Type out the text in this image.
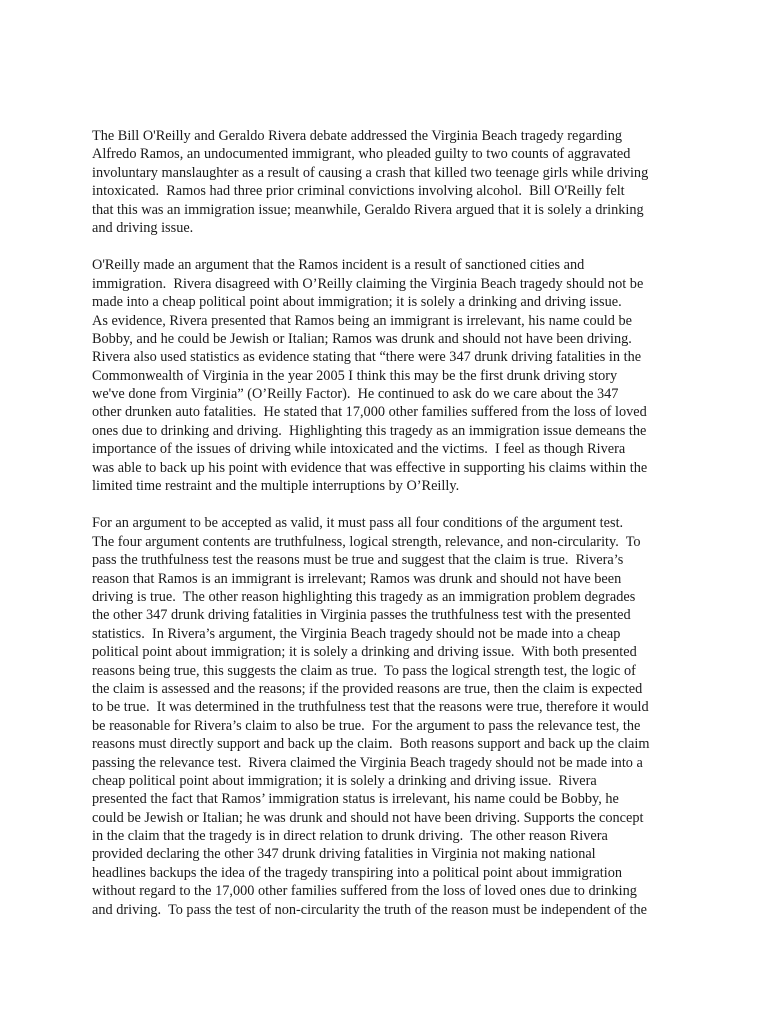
The Bill O'Reilly and Geraldo Rivera debate addressed the Virginia Beach tragedy regarding
Alfredo Ramos, an undocumented immigrant, who pleaded guilty to two counts of aggravated
involuntary manslaughter as a result of causing a crash that killed two teenage girls while driving
intoxicated.  Ramos had three prior criminal convictions involving alcohol.  Bill O'Reilly felt
that this was an immigration issue; meanwhile, Geraldo Rivera argued that it is solely a drinking
and driving issue.
O'Reilly made an argument that the Ramos incident is a result of sanctioned cities and
immigration.  Rivera disagreed with O’Reilly claiming the Virginia Beach tragedy should not be
made into a cheap political point about immigration; it is solely a drinking and driving issue.
As evidence, Rivera presented that Ramos being an immigrant is irrelevant, his name could be
Bobby, and he could be Jewish or Italian; Ramos was drunk and should not have been driving.
Rivera also used statistics as evidence stating that “there were 347 drunk driving fatalities in the
Commonwealth of Virginia in the year 2005 I think this may be the first drunk driving story
we've done from Virginia” (O’Reilly Factor).  He continued to ask do we care about the 347
other drunken auto fatalities.  He stated that 17,000 other families suffered from the loss of loved
ones due to drinking and driving.  Highlighting this tragedy as an immigration issue demeans the
importance of the issues of driving while intoxicated and the victims.  I feel as though Rivera
was able to back up his point with evidence that was effective in supporting his claims within the
limited time restraint and the multiple interruptions by O’Reilly.
For an argument to be accepted as valid, it must pass all four conditions of the argument test.
The four argument contents are truthfulness, logical strength, relevance, and non-circularity.  To
pass the truthfulness test the reasons must be true and suggest that the claim is true.  Rivera’s
reason that Ramos is an immigrant is irrelevant; Ramos was drunk and should not have been
driving is true.  The other reason highlighting this tragedy as an immigration problem degrades
the other 347 drunk driving fatalities in Virginia passes the truthfulness test with the presented
statistics.  In Rivera’s argument, the Virginia Beach tragedy should not be made into a cheap
political point about immigration; it is solely a drinking and driving issue.  With both presented
reasons being true, this suggests the claim as true.  To pass the logical strength test, the logic of
the claim is assessed and the reasons; if the provided reasons are true, then the claim is expected
to be true.  It was determined in the truthfulness test that the reasons were true, therefore it would
be reasonable for Rivera’s claim to also be true.  For the argument to pass the relevance test, the
reasons must directly support and back up the claim.  Both reasons support and back up the claim
passing the relevance test.  Rivera claimed the Virginia Beach tragedy should not be made into a
cheap political point about immigration; it is solely a drinking and driving issue.  Rivera
presented the fact that Ramos’ immigration status is irrelevant, his name could be Bobby, he
could be Jewish or Italian; he was drunk and should not have been driving. Supports the concept
in the claim that the tragedy is in direct relation to drunk driving.  The other reason Rivera
provided declaring the other 347 drunk driving fatalities in Virginia not making national
headlines backups the idea of the tragedy transpiring into a political point about immigration
without regard to the 17,000 other families suffered from the loss of loved ones due to drinking
and driving.  To pass the test of non-circularity the truth of the reason must be independent of the
